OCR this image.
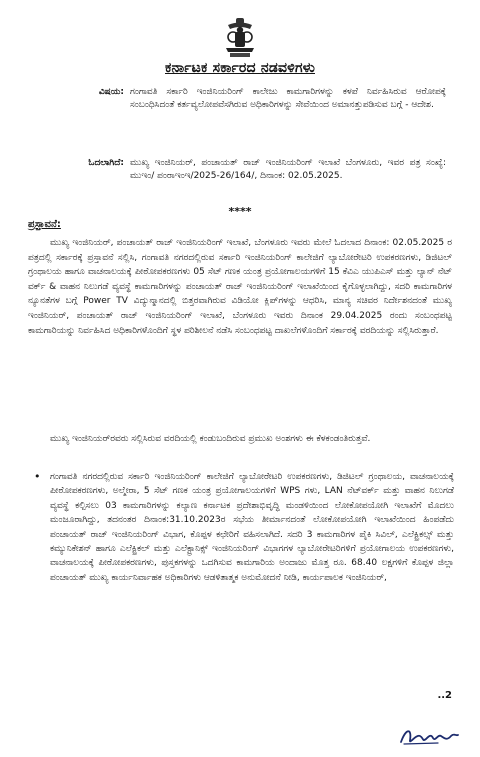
ಕರ್ನಾಟಕ ಸರ್ಕಾರದ ನಡವಳಿಗಳು
ವಿಷಯ: ಗಂಗಾವತಿ ಸರ್ಕಾರಿ ಇಂಜಿನಿಯರಿಂಗ್ ಕಾಲೇಜು ಕಾಮಗಾರಿಗಳನ್ನು ಕಳಪೆ ನಿರ್ವಹಿಸಿರುವ ಆರೋಪಕ್ಕೆ ಸಂಬಂಧಿಸಿದಂತೆ ಕರ್ತವ್ಯಲೋಪವೆಸಗಿರುವ ಅಧಿಕಾರಿಗಳನ್ನು ಸೇವೆಯಿಂದ ಅಮಾನತ್ತುಪಡಿಸುವ ಬಗ್ಗೆ - ಆದೇಶ.
ಓದಲಾಗಿದೆ: ಮುಖ್ಯ ಇಂಜಿನಿಯರ್, ಪಂಚಾಯತ್ ರಾಜ್ ಇಂಜಿನಿಯರಿಂಗ್ ಇಲಾಖೆ ಬೆಂಗಳೂರು, ಇವರ ಪತ್ರ ಸಂಖ್ಯೆ: ಮುಇಂ/ ಪಂರಾಇಂಇ/2025-26/164/, ದಿನಾಂಕ: 02.05.2025.
****
ಪ್ರಸ್ತಾವನೆ:
ಮುಖ್ಯ ಇಂಜಿನಿಯರ್, ಪಂಚಾಯತ್ ರಾಜ್ ಇಂಜಿನಿಯರಿಂಗ್ ಇಲಾಖೆ, ಬೆಂಗಳೂರು ಇವರು ಮೇಲೆ ಓದಲಾದ ದಿನಾಂಕ: 02.05.2025 ರ ಪತ್ರದಲ್ಲಿ ಸರ್ಕಾರಕ್ಕೆ ಪ್ರಸ್ತಾವನೆ ಸಲ್ಲಿಸಿ, ಗಂಗಾವತಿ ನಗರದಲ್ಲಿರುವ ಸರ್ಕಾರಿ ಇಂಜಿನಿಯರಿಂಗ್ ಕಾಲೇಜಿಗೆ ಲ್ಯಾಬೋರೇಟರಿ ಉಪಕರಣಗಳು, ಡಿಜಿಟಲ್ ಗ್ರಂಥಾಲಯ ಹಾಗೂ ವಾಚನಾಲಯಕ್ಕೆ ಪೀಠೋಪಕರಣಗಳು 05 ಸೆಟ್ ಗಣಕ ಯಂತ್ರ ಪ್ರಯೋಗಾಲಯಗಳಿಗೆ 15 ಕೆವಿಎ ಯುಪಿಎಸ್ ಮತ್ತು ಲ್ಯಾನ್ ನೆಟ್ ವರ್ಕ್ & ವಾಹನ ನಿಲುಗಡೆ ವ್ಯವಸ್ಥೆ ಕಾಮಗಾರಿಗಳನ್ನು ಪಂಚಾಯತ್ ರಾಜ್ ಇಂಜಿನಿಯರಿಂಗ್ ಇಲಾಖೆಯಿಂದ ಕೈಗೊಳ್ಳಲಾಗಿದ್ದು, ಸದರಿ ಕಾಮಗಾರಿಗಳ ನ್ಯೂನತೆಗಳ ಬಗ್ಗೆ Power TV ವಿದ್ಯುನ್ಮಾನದಲ್ಲಿ ಬಿತ್ತರವಾಗಿರುವ ವಿಡಿಯೋ ಕ್ಲಿಪ್‌ಗಳನ್ನು ಆಧರಿಸಿ, ಮಾನ್ಯ ಸಚಿವರ ನಿರ್ದೇಶನದಂತೆ ಮುಖ್ಯ ಇಂಜಿನಿಯರ್, ಪಂಚಾಯತ್ ರಾಜ್ ಇಂಜಿನಿಯರಿಂಗ್ ಇಲಾಖೆ, ಬೆಂಗಳೂರು ಇವರು ದಿನಾಂಕ 29.04.2025 ರಂದು ಸಂಬಂಧಪಟ್ಟ ಕಾಮಗಾರಿಯನ್ನು ನಿರ್ವಹಿಸಿದ ಅಧಿಕಾರಿಗಳೊಂದಿಗೆ ಸ್ಥಳ ಪರಿಶೀಲನೆ ನಡೆಸಿ ಸಂಬಂಧಪಟ್ಟ ದಾಖಲೆಗಳೊಂದಿಗೆ ಸರ್ಕಾರಕ್ಕೆ ವರದಿಯನ್ನು ಸಲ್ಲಿಸಿರುತ್ತಾರೆ.
ಮುಖ್ಯ ಇಂಜಿನಿಯರ್‌ರವರು ಸಲ್ಲಿಸಿರುವ ವರದಿಯಲ್ಲಿ ಕಂಡುಬಂದಿರುವ ಪ್ರಮುಖ ಅಂಶಗಳು ಈ ಕೆಳಕಂಡಂತಿರುತ್ತವೆ.
•	ಗಂಗಾವತಿ ನಗರದಲ್ಲಿರುವ ಸರ್ಕಾರಿ ಇಂಜಿನಿಯರಿಂಗ್ ಕಾಲೇಜಿಗೆ ಲ್ಯಾಬೋರೇಟರಿ ಉಪಕರಣಗಳು, ಡಿಜಿಟಲ್ ಗ್ರಂಥಾಲಯ, ವಾಚನಾಲಯಕ್ಕೆ ಪೀಠೋಪಕರಣಗಳು, ಅಲ್ಮೇರಾ, 5 ಸೆಟ್ ಗಣಕ ಯಂತ್ರ ಪ್ರಯೋಗಾಲಯಗಳಿಗೆ WPS ಗಳು, LAN ನೆಟ್‌ವರ್ಕ್ ಮತ್ತು ವಾಹನ ನಿಲುಗಡೆ ವ್ಯವಸ್ಥೆ ಕಲ್ಪಿಸಲು 03 ಕಾಮಗಾರಿಗಳನ್ನು ಕಲ್ಯಾಣ ಕರ್ನಾಟಕ ಪ್ರದೇಶಾಭಿವೃದ್ಧಿ ಮಂಡಳಿಯಿಂದ ಲೋಕೋಪಯೋಗಿ ಇಲಾಖೆಗೆ ಮೊದಲು ಮಂಜೂರಾಗಿದ್ದು, ತದನಂತರ ದಿನಾಂಕ:31.10.2023ರ ಸಭೆಯ ತೀರ್ಮಾನದಂತೆ ಲೋಕೋಪಯೋಗಿ ಇಲಾಖೆಯಿಂದ ಹಿಂಪಡೆದು ಪಂಚಾಯತ್ ರಾಜ್ ಇಂಜಿನಿಯರಿಂಗ್ ವಿಭಾಗ, ಕೊಪ್ಪಳ ಕಛೇರಿಗೆ ವಹಿಸಲಾಗಿದೆ. ಸದರಿ 3 ಕಾಮಗಾರಿಗಳ ಪೈಕಿ ಸಿವಿಲ್, ಎಲೆಕ್ಟ್ರಿಕಲ್ಸ್ ಮತ್ತು ಕಮ್ಯುನಿಕೇಶನ್ ಹಾಗೂ ಎಲೆಕ್ಟ್ರಿಕಲ್ ಮತ್ತು ಎಲೆಕ್ಟ್ರಾನಿಕ್ಸ್ ಇಂಜಿನಿಯರಿಂಗ್ ವಿಭಾಗಗಳ ಲ್ಯಾಬೋರೇಟರಿಗಳಿಗೆ ಪ್ರಯೋಗಾಲಯ ಉಪಕರಣಗಳು, ವಾಚನಾಲಯಕ್ಕೆ ಪೀಠೋಪಕರಣಗಳು, ಪುಸ್ತಕಗಳನ್ನು ಒದಗಿಸುವ ಕಾಮಗಾರಿಯ ಅಂದಾಜು ಮೊತ್ತ ರೂ. 68.40 ಲಕ್ಷಗಳಿಗೆ ಕೊಪ್ಪಳ ಜಿಲ್ಲಾ ಪಂಚಾಯತ್ ಮುಖ್ಯ ಕಾರ್ಯನಿರ್ವಾಹಕ ಅಧಿಕಾರಿಗಳು ಆಡಳಿತಾತ್ಮಕ ಅನುಮೋದನೆ ನೀಡಿ, ಕಾರ್ಯಪಾಲಕ ಇಂಜಿನಿಯರ್,
..2
